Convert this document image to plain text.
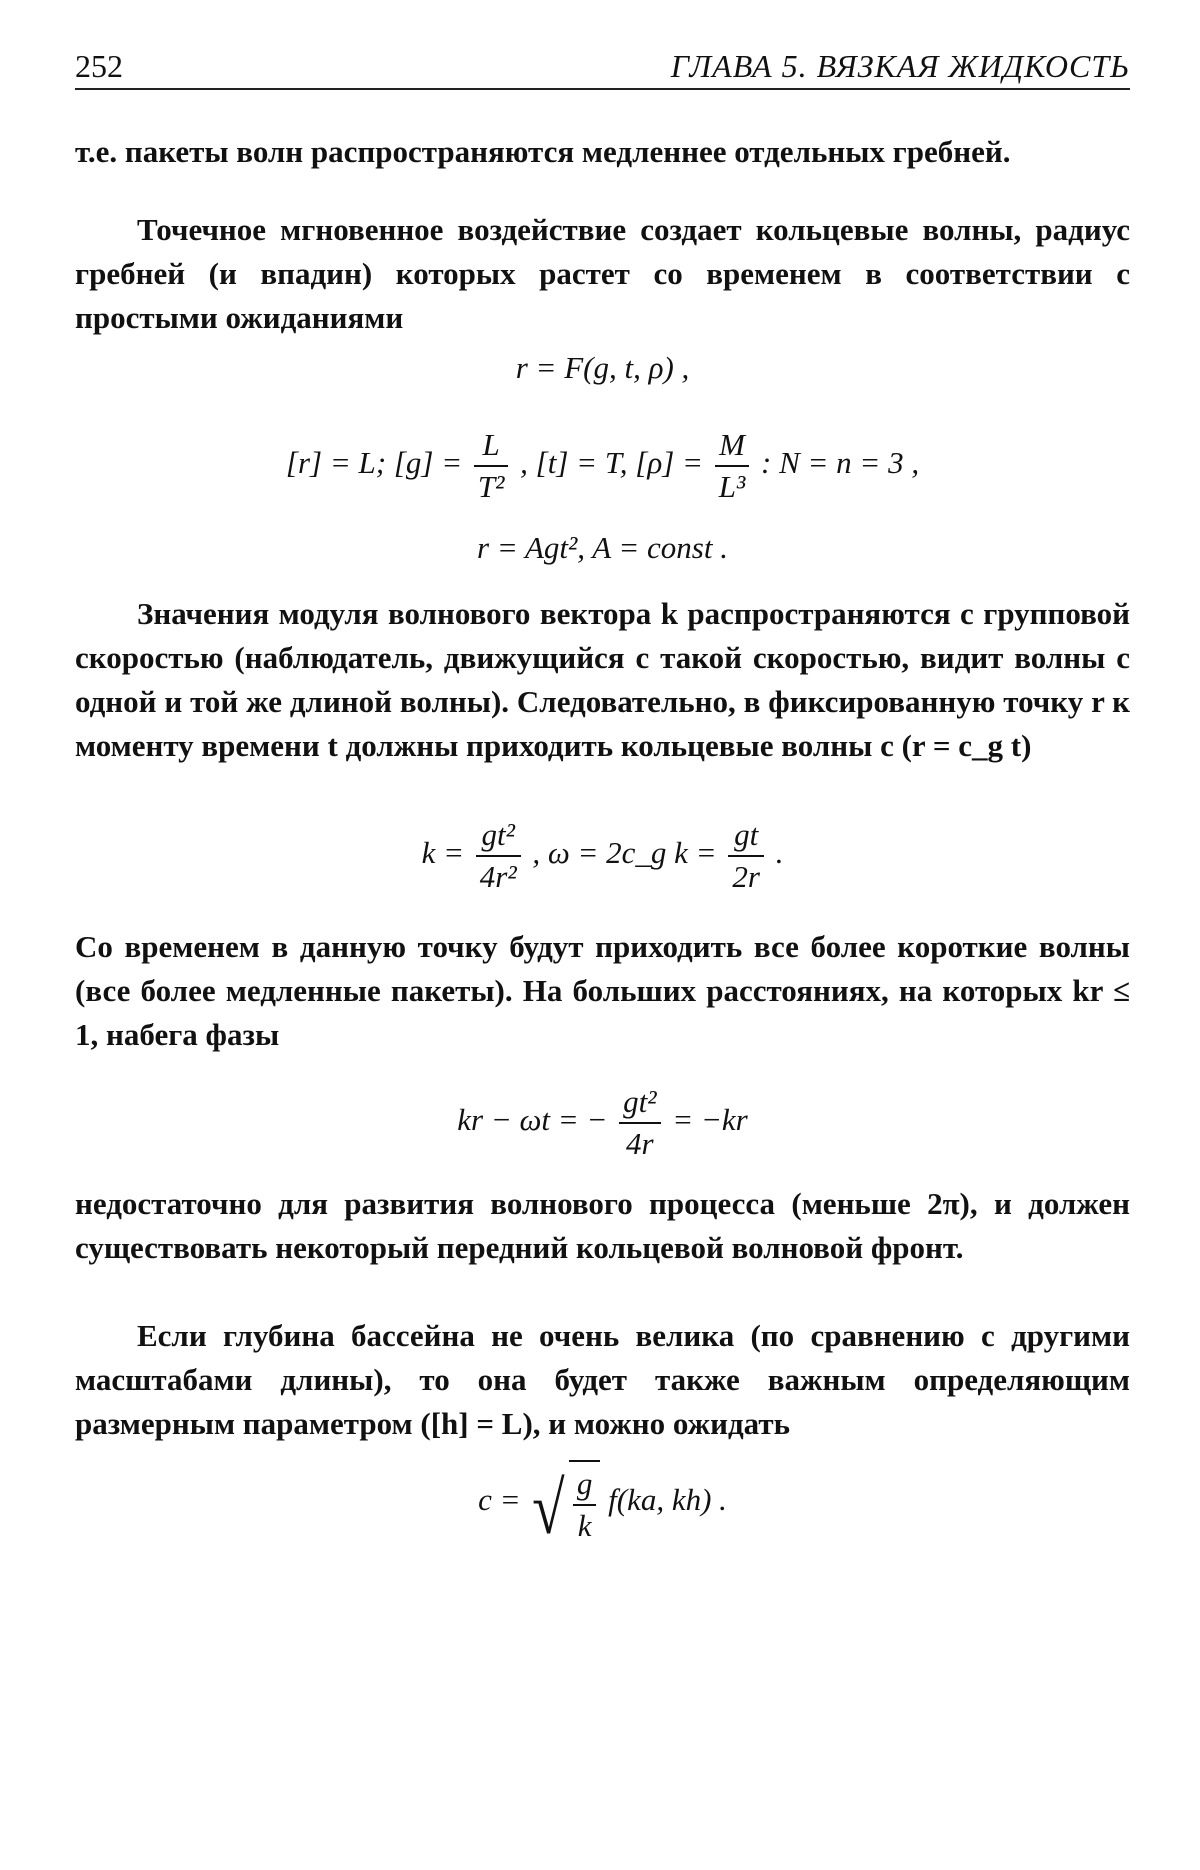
252	ГЛАВА 5. ВЯЗКАЯ ЖИДКОСТЬ

т.е. пакеты волн распространяются медленнее отдельных гребней.

Точечное мгновенное воздействие создает кольцевые волны, радиус гребней (и впадин) которых растет со временем в соответствии с простыми ожиданиями

r = F(g, t, ρ) ,
[r] = L; $[g] = \frac{L}{\text{T²}}$ , [t] = T, $[\rho] = \frac{M}{\text{L³}}$ : N = n = 3 ,
r = Agt², A = const .

Значения модуля волнового вектора k распространяются с групповой скоростью (наблюдатель, движущийся с такой скоростью, видит волны с одной и той же длиной волны). Следовательно, в фиксированную точку r к моменту времени t должны приходить кольцевые волны с (r = c_g t)

$k = \frac{\text{gt²}}{\text{4r²}}$ , ω = 2c_g $k = \frac{gt}{2r}$ .

Со временем в данную точку будут приходить все более короткие волны (все более медленные пакеты). На больших расстояниях, на которых kr ≤ 1, набега фазы

kr − ωt = − $\frac{\text{gt²}}{4r} = -kr$

недостаточно для развития волнового процесса (меньше 2π), и должен существовать некоторый передний кольцевой волновой фронт.

Если глубина бассейна не очень велика (по сравнению с другими масштабами длины), то она будет также важным определяющим размерным параметром ([h] = L), и можно ожидать

c = √ $\frac{g}{k} f(ka$, kh) .
